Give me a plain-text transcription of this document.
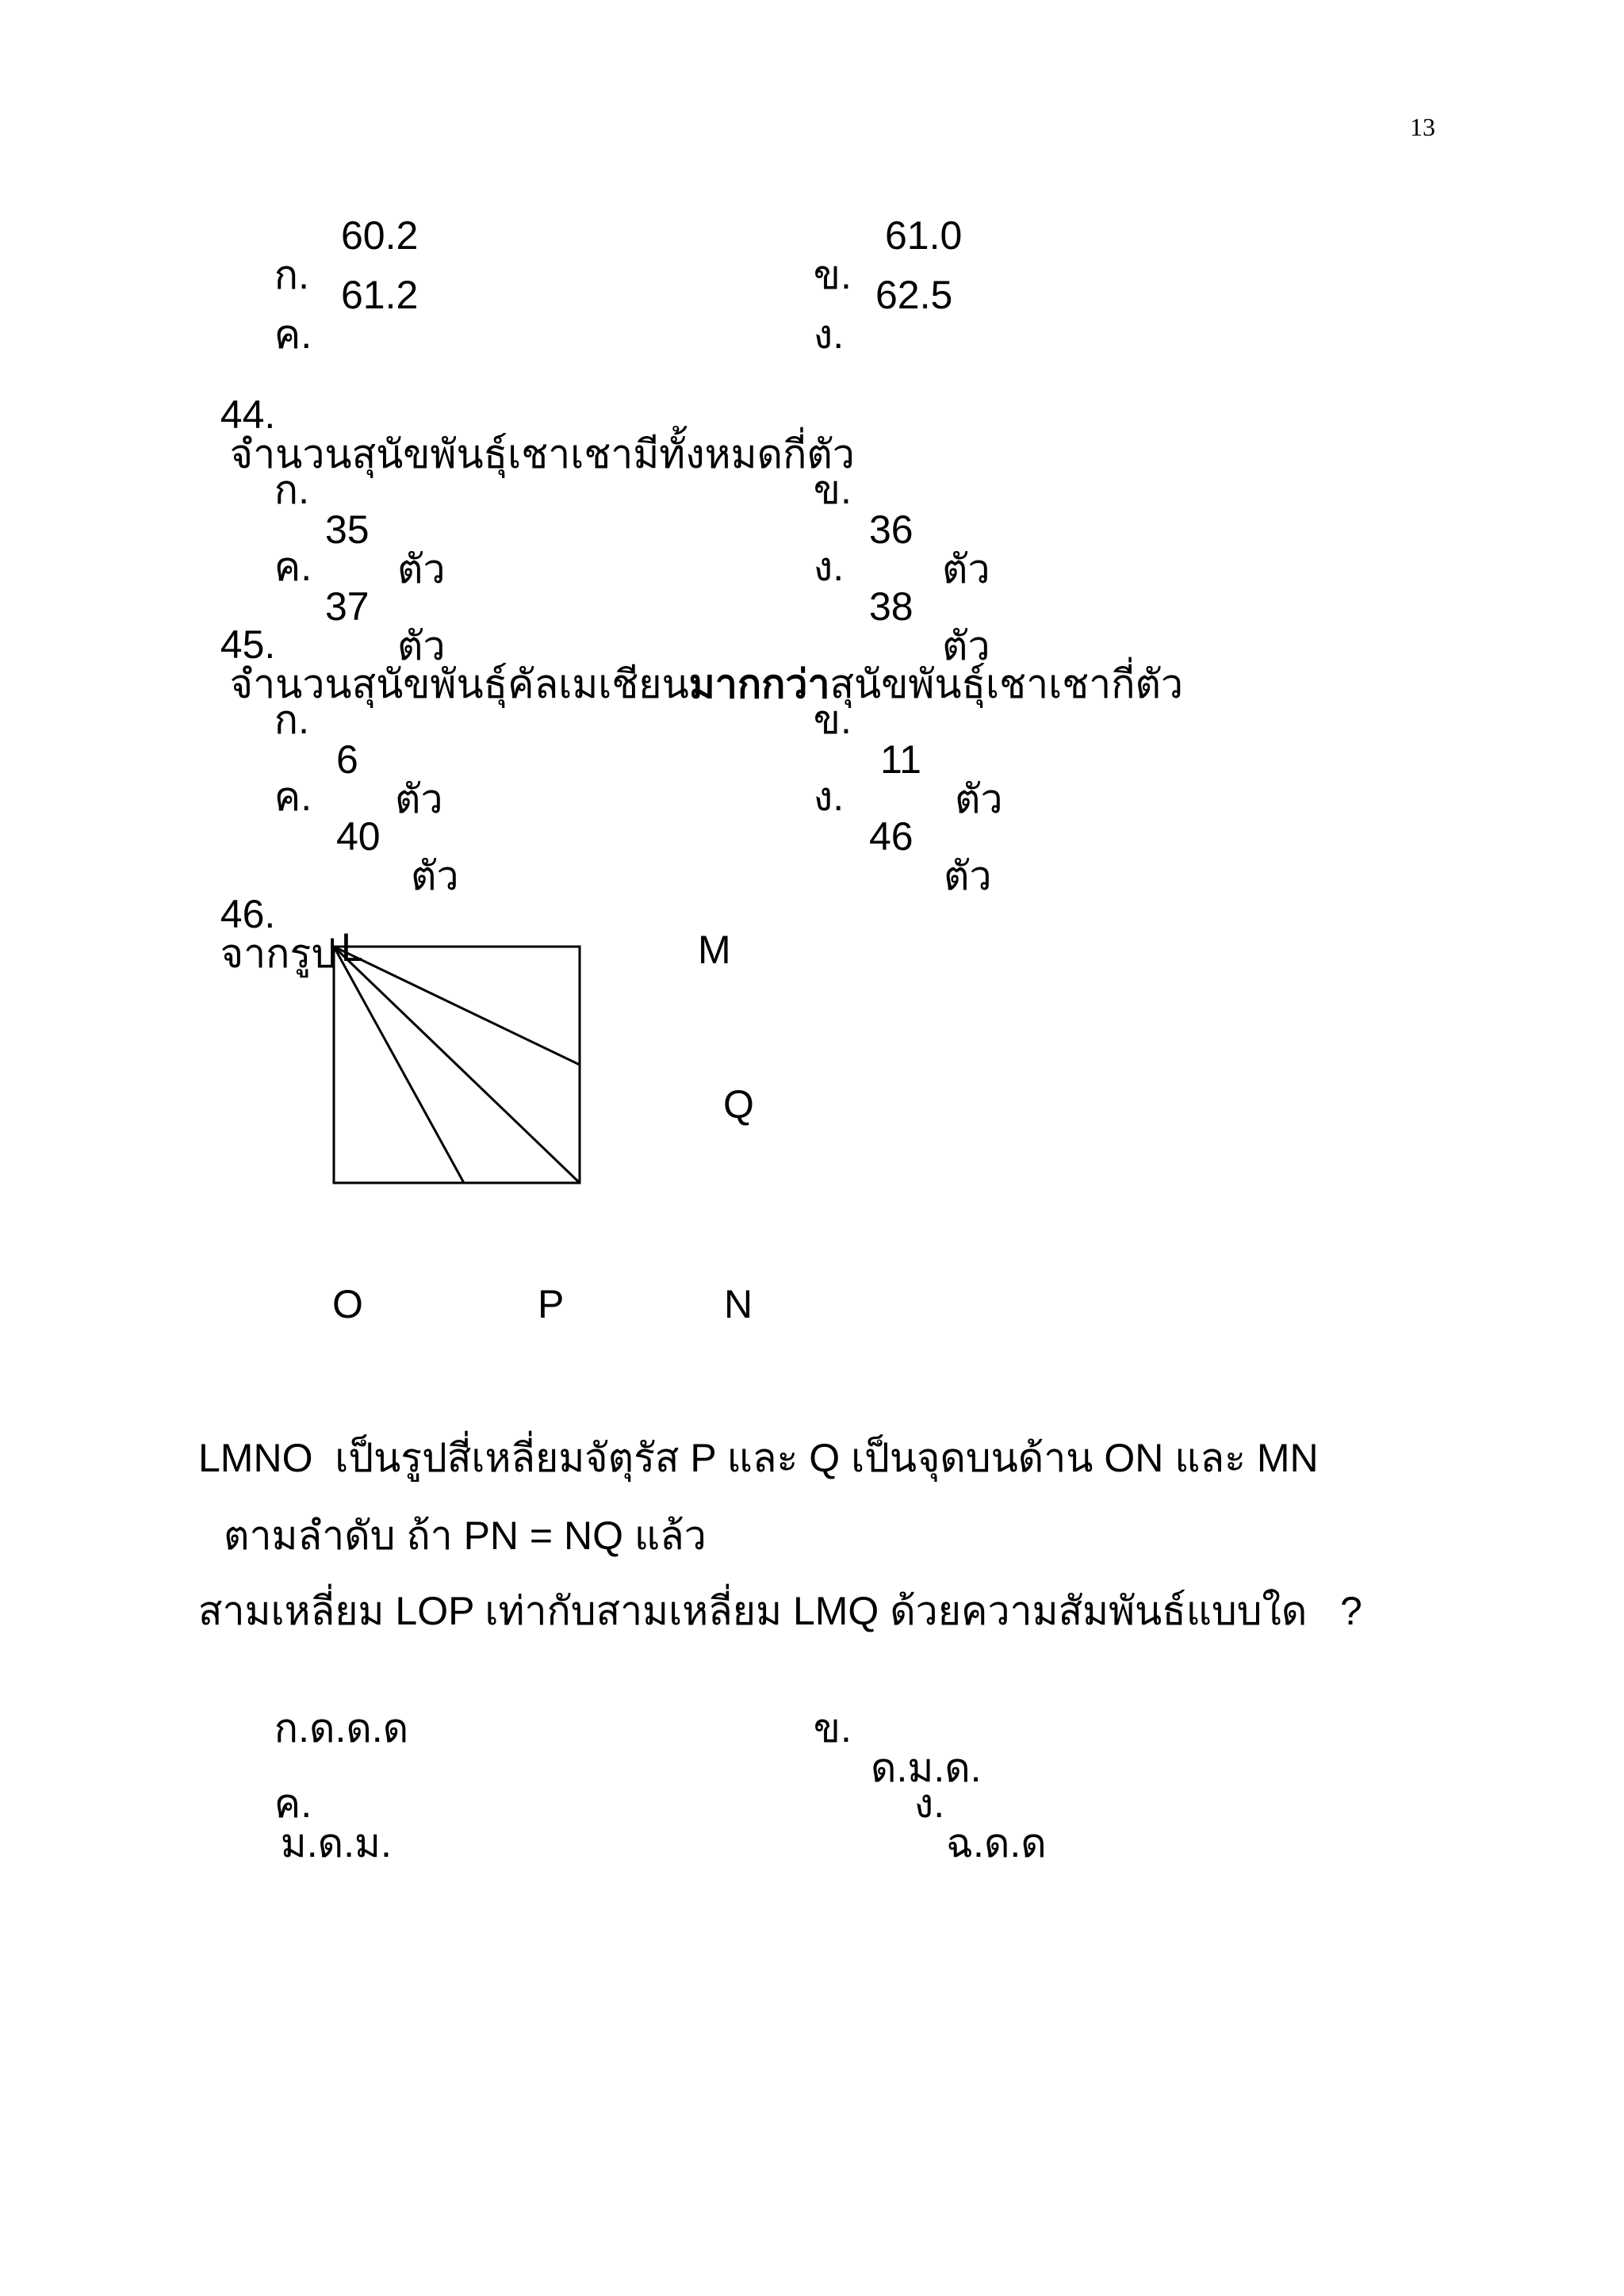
13

ก.

60.2

ข.

61.0

ค.

61.2

ง.

62.5

44.
จำนวนสุนัขพันธุ์เชาเชามีทั้งหมดกี่ตัว

ก.

35

ตัว

ข.

36

ตัว

ค.

37

ตัว

ง.

38

ตัว

45.
จำนวนสุนัขพันธุ์คัลเมเชียนมากกว่าสุนัขพันธุ์เชาเชากี่ตัว

ก.

6

ตัว

ข.

11

ตัว

ค.

40

ตัว

ง.

46

ตัว

46.
จากรูป L	M
Q
O	P	N
LMNO  เป็นรูปสี่เหลี่ยมจัตุรัส P และ Q เป็นจุดบนด้าน ON และ MN
ตามลำดับ ถ้า PN = NQ แล้ว
สามเหลี่ยม LOP เท่ากับสามเหลี่ยม LMQ ด้วยความสัมพันธ์แบบใด   ?

ก.ด.ด.ด	ข.

ด.ม.ด.

ค.
ม.ด.ม.

ง.

ฉ.ด.ด
